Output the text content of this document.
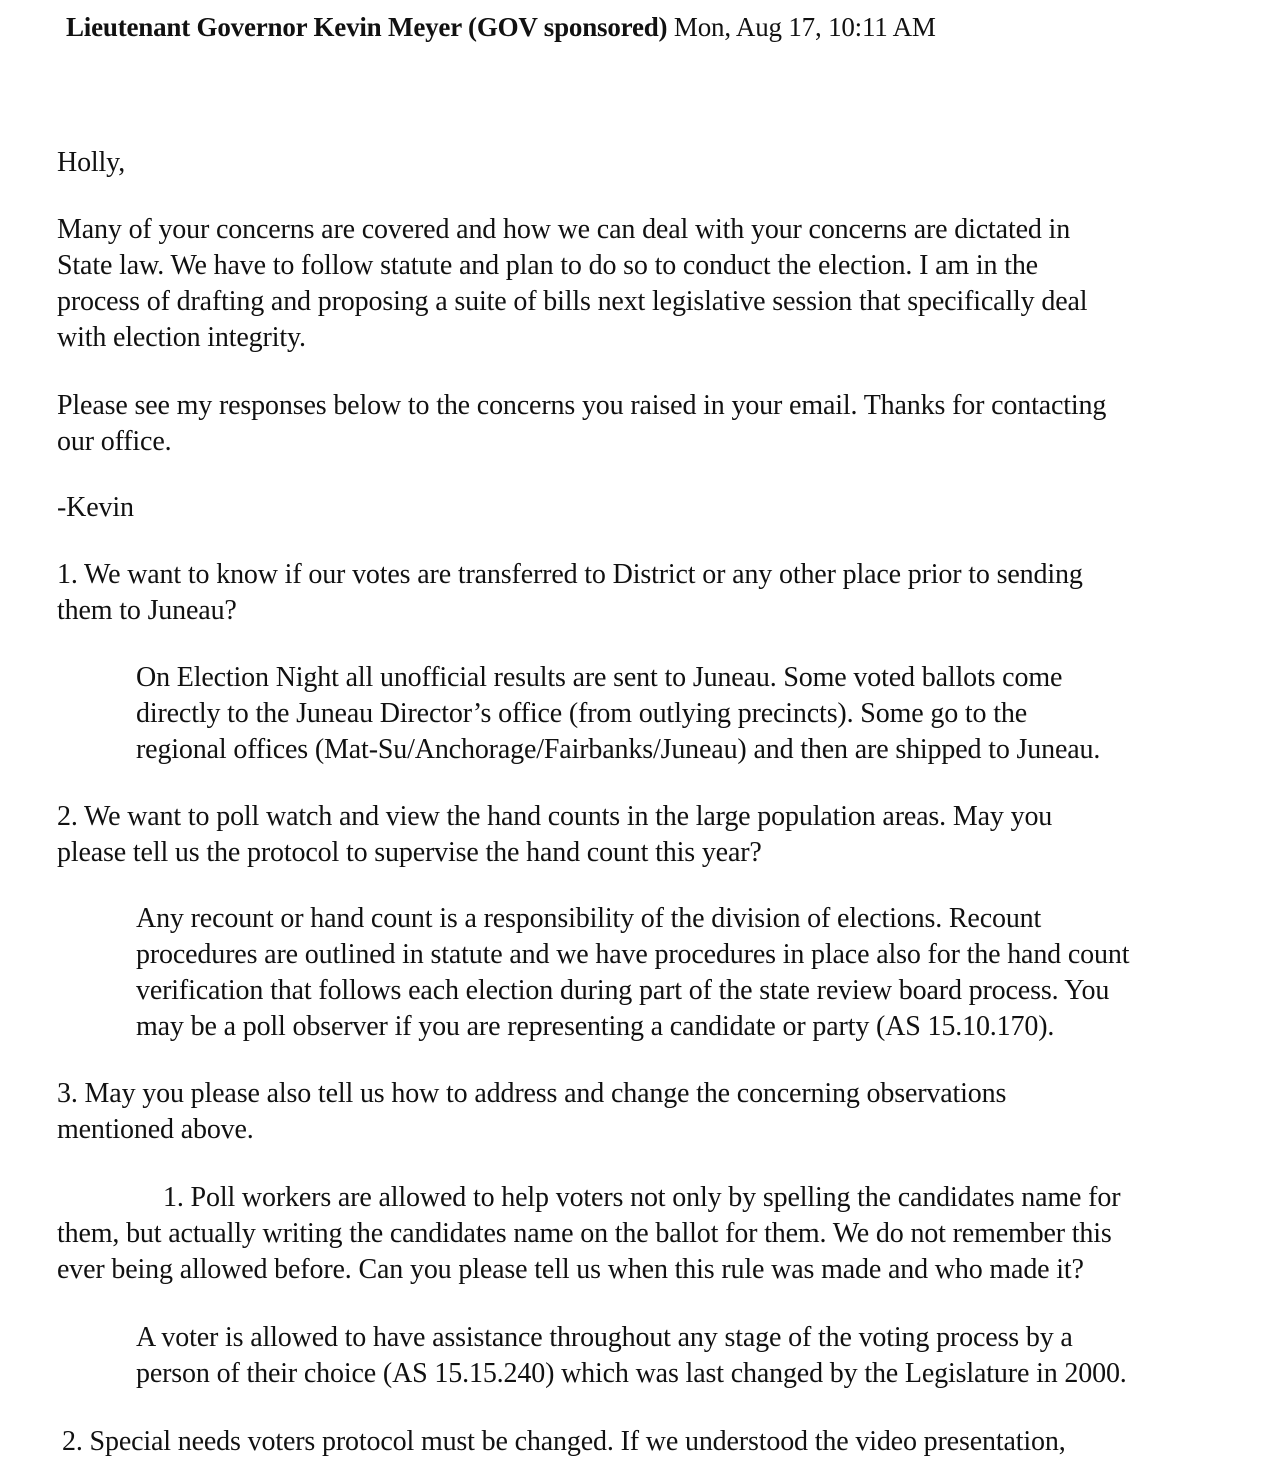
Lieutenant Governor Kevin Meyer (GOV sponsored) Mon, Aug 17, 10:11 AM
Holly,
Many of your concerns are covered and how we can deal with your concerns are dictated in
State law. We have to follow statute and plan to do so to conduct the election. I am in the
process of drafting and proposing a suite of bills next legislative session that specifically deal
with election integrity.
Please see my responses below to the concerns you raised in your email. Thanks for contacting
our office.
-Kevin
1. We want to know if our votes are transferred to District or any other place prior to sending
them to Juneau?
On Election Night all unofficial results are sent to Juneau. Some voted ballots come
directly to the Juneau Director’s office (from outlying precincts). Some go to the
regional offices (Mat-Su/Anchorage/Fairbanks/Juneau) and then are shipped to Juneau.
2. We want to poll watch and view the hand counts in the large population areas. May you
please tell us the protocol to supervise the hand count this year?
Any recount or hand count is a responsibility of the division of elections. Recount
procedures are outlined in statute and we have procedures in place also for the hand count
verification that follows each election during part of the state review board process. You
may be a poll observer if you are representing a candidate or party (AS 15.10.170).
3. May you please also tell us how to address and change the concerning observations
mentioned above.
1. Poll workers are allowed to help voters not only by spelling the candidates name for
them, but actually writing the candidates name on the ballot for them. We do not remember this
ever being allowed before. Can you please tell us when this rule was made and who made it?
A voter is allowed to have assistance throughout any stage of the voting process by a
person of their choice (AS 15.15.240) which was last changed by the Legislature in 2000.
2. Special needs voters protocol must be changed. If we understood the video presentation,
